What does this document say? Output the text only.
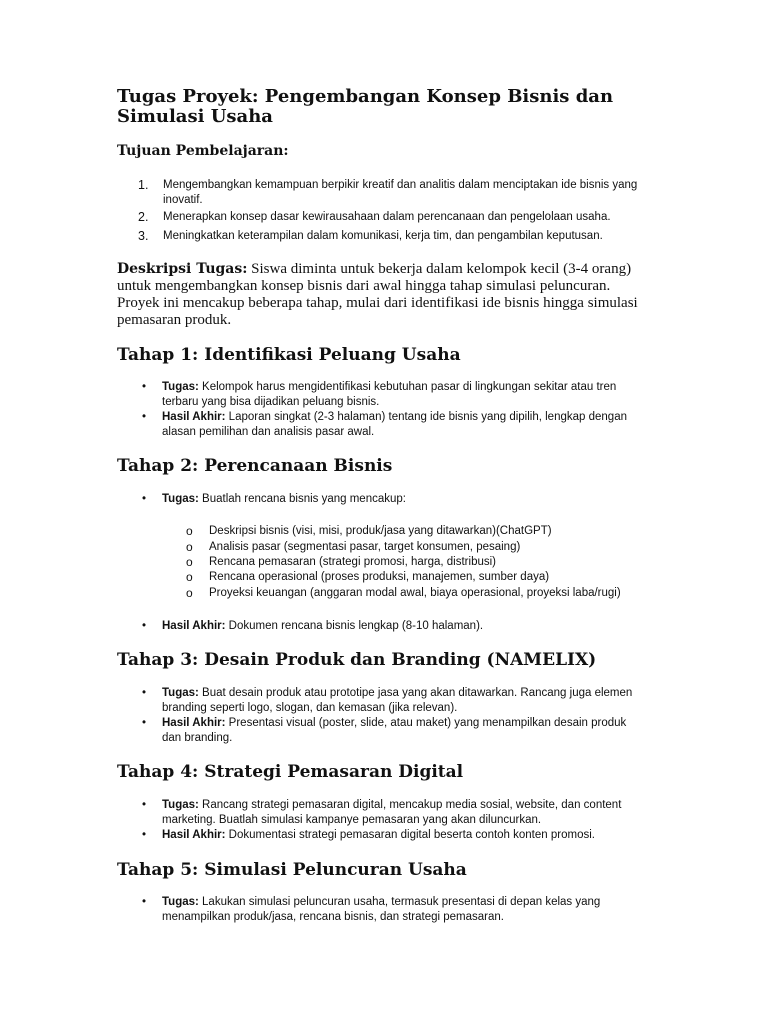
Tugas Proyek: Pengembangan Konsep Bisnis dan Simulasi Usaha
Tujuan Pembelajaran:
1. Mengembangkan kemampuan berpikir kreatif dan analitis dalam menciptakan ide bisnis yang inovatif.
2. Menerapkan konsep dasar kewirausahaan dalam perencanaan dan pengelolaan usaha.
3. Meningkatkan keterampilan dalam komunikasi, kerja tim, dan pengambilan keputusan.

Deskripsi Tugas: Siswa diminta untuk bekerja dalam kelompok kecil (3-4 orang) untuk mengembangkan konsep bisnis dari awal hingga tahap simulasi peluncuran. Proyek ini mencakup beberapa tahap, mulai dari identifikasi ide bisnis hingga simulasi pemasaran produk.

Tahap 1: Identifikasi Peluang Usaha
• Tugas: Kelompok harus mengidentifikasi kebutuhan pasar di lingkungan sekitar atau tren terbaru yang bisa dijadikan peluang bisnis.
• Hasil Akhir: Laporan singkat (2-3 halaman) tentang ide bisnis yang dipilih, lengkap dengan alasan pemilihan dan analisis pasar awal.
Tahap 2: Perencanaan Bisnis
• Tugas: Buatlah rencana bisnis yang mencakup:
o Deskripsi bisnis (visi, misi, produk/jasa yang ditawarkan)(ChatGPT)
o Analisis pasar (segmentasi pasar, target konsumen, pesaing)
o Rencana pemasaran (strategi promosi, harga, distribusi)
o Rencana operasional (proses produksi, manajemen, sumber daya)
o Proyeksi keuangan (anggaran modal awal, biaya operasional, proyeksi laba/rugi)
• Hasil Akhir: Dokumen rencana bisnis lengkap (8-10 halaman).
Tahap 3: Desain Produk dan Branding (NAMELIX)
• Tugas: Buat desain produk atau prototipe jasa yang akan ditawarkan. Rancang juga elemen branding seperti logo, slogan, dan kemasan (jika relevan).
• Hasil Akhir: Presentasi visual (poster, slide, atau maket) yang menampilkan desain produk dan branding.
Tahap 4: Strategi Pemasaran Digital
• Tugas: Rancang strategi pemasaran digital, mencakup media sosial, website, dan content marketing. Buatlah simulasi kampanye pemasaran yang akan diluncurkan.
• Hasil Akhir: Dokumentasi strategi pemasaran digital beserta contoh konten promosi.
Tahap 5: Simulasi Peluncuran Usaha
• Tugas: Lakukan simulasi peluncuran usaha, termasuk presentasi di depan kelas yang menampilkan produk/jasa, rencana bisnis, dan strategi pemasaran.
